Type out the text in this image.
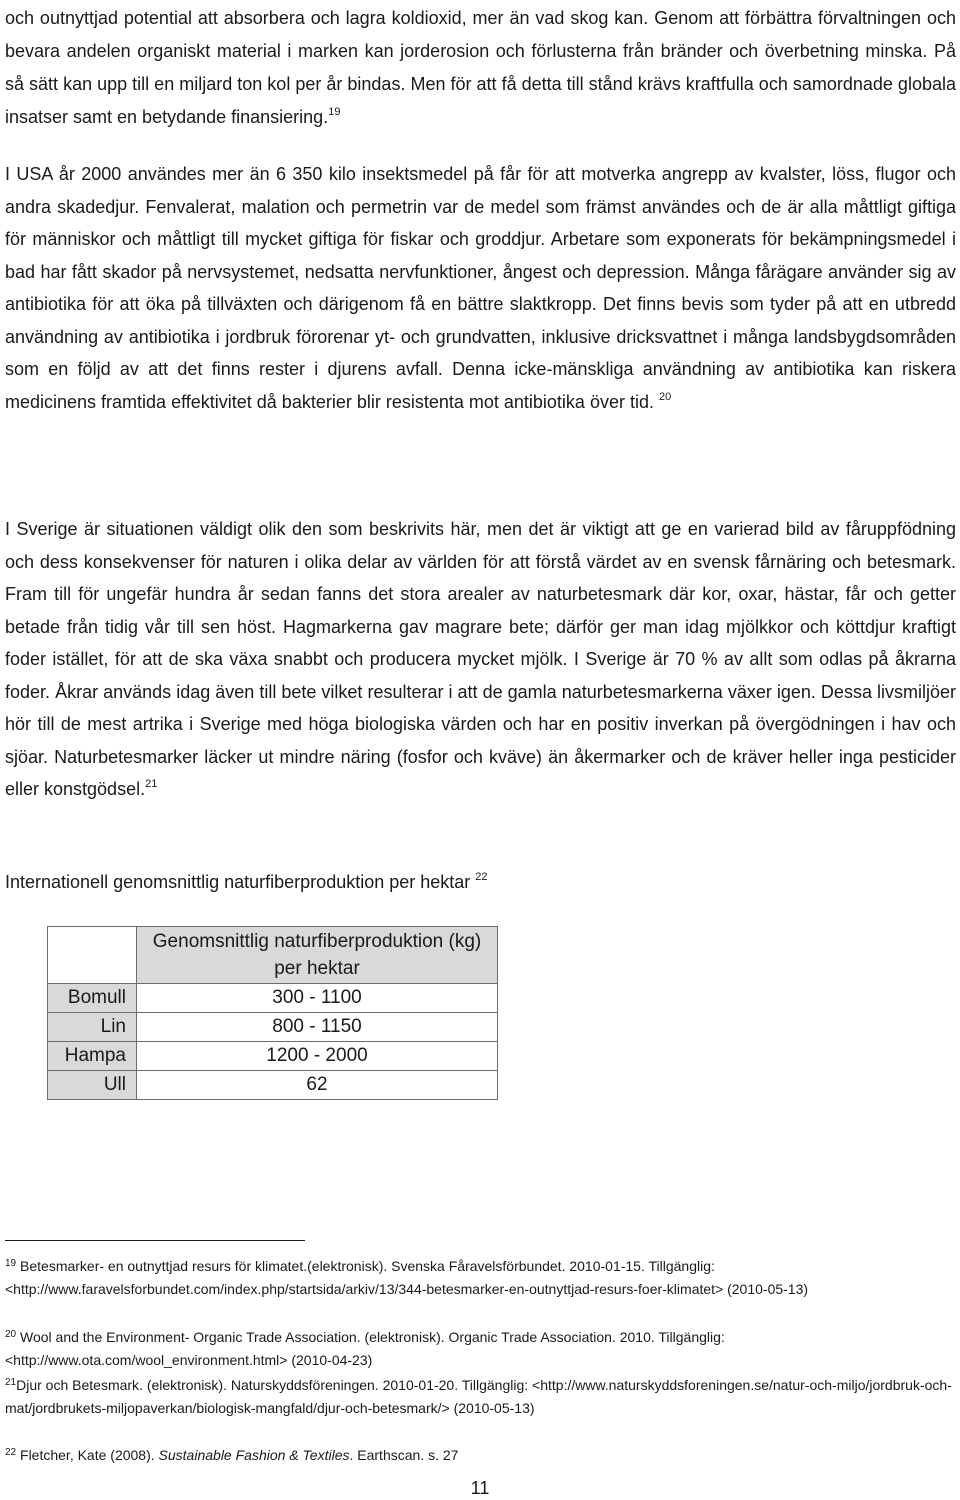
och outnyttjad potential att absorbera och lagra koldioxid, mer än vad skog kan. Genom att förbättra förvaltningen och bevara andelen organiskt material i marken kan jorderosion och förlusterna från bränder och överbetning minska. På så sätt kan upp till en miljard ton kol per år bindas. Men för att få detta till stånd krävs kraftfulla och samordnade globala insatser samt en betydande finansiering.$^{19}$

I USA år 2000 användes mer än 6 350 kilo insektsmedel på får för att motverka angrepp av kvalster, löss, flugor och andra skadedjur. Fenvalerat, malation och permetrin var de medel som främst användes och de är alla måttligt giftiga för människor och måttligt till mycket giftiga för fiskar och groddjur. Arbetare som exponerats för bekämpningsmedel i bad har fått skador på nervsystemet, nedsatta nervfunktioner, ångest och depression. Många fårägare använder sig av antibiotika för att öka på tillväxten och därigenom få en bättre slaktkropp. Det finns bevis som tyder på att en utbredd användning av antibiotika i jordbruk förorenar yt- och grundvatten, inklusive dricksvattnet i många landsbygdsområden som en följd av att det finns rester i djurens avfall. Denna icke-mänskliga användning av antibiotika kan riskera medicinens framtida effektivitet då bakterier blir resistenta mot antibiotika över tid. $^{20}$

I Sverige är situationen väldigt olik den som beskrivits här, men det är viktigt att ge en varierad bild av fåruppfödning och dess konsekvenser för naturen i olika delar av världen för att förstå värdet av en svensk fårnäring och betesmark. Fram till för ungefär hundra år sedan fanns det stora arealer av naturbetesmark där kor, oxar, hästar, får och getter betade från tidig vår till sen höst. Hagmarkerna gav magrare bete; därför ger man idag mjölkkor och köttdjur kraftigt foder istället, för att de ska växa snabbt och producera mycket mjölk. I Sverige är 70 % av allt som odlas på åkrarna foder. Åkrar används idag även till bete vilket resulterar i att de gamla naturbetesmarkerna växer igen. Dessa livsmiljöer hör till de mest artrika i Sverige med höga biologiska värden och har en positiv inverkan på övergödningen i hav och sjöar. Naturbetesmarker läcker ut mindre näring (fosfor och kväve) än åkermarker och de kräver heller inga pesticider eller konstgödsel.$^{21}$

Internationell genomsnittlig naturfiberproduktion per hektar $^{22}$

	Genomsnittlig naturfiberproduktion (kg) per hektar
Bomull	300 - 1100
Lin	800 - 1150
Hampa	1200 - 2000
Ull	62

$^{19}$ Betesmarker- en outnyttjad resurs för klimatet.(elektronisk). Svenska Fåravelsförbundet. 2010-01-15. Tillgänglig: <http://www.faravelsforbundet.com/index.php/startsida/arkiv/13/344-betesmarker-en-outnyttjad-resurs-foer-klimatet> (2010-05-13)

$^{20}$ Wool and the Environment- Organic Trade Association. (elektronisk). Organic Trade Association. 2010. Tillgänglig: <http://www.ota.com/wool_environment.html> (2010-04-23)

$^{21}$Djur och Betesmark. (elektronisk). Naturskyddsföreningen. 2010-01-20. Tillgänglig: <http://www.naturskyddsforeningen.se/natur-och-miljo/jordbruk-och-mat/jordbrukets-miljopaverkan/biologisk-mangfald/djur-och-betesmark/> (2010-05-13)

$^{22}$ Fletcher, Kate (2008). Sustainable Fashion & Textiles. Earthscan. s. 27

11
